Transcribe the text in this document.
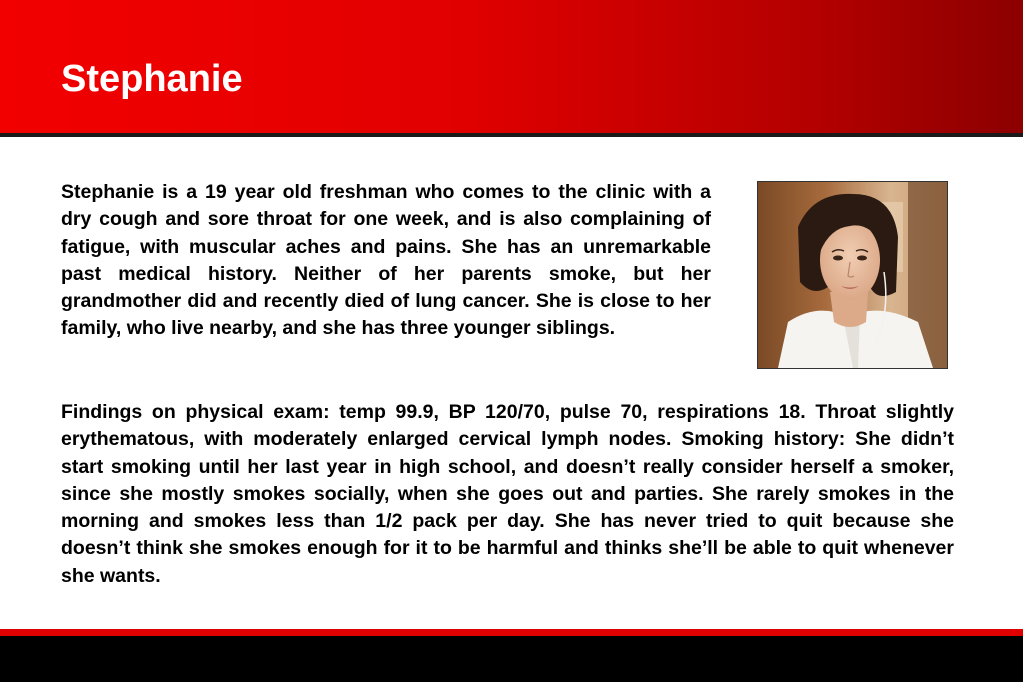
Stephanie

Stephanie is a 19 year old freshman who comes to the clinic with a dry cough and sore throat for one week, and is also complaining of fatigue, with muscular aches and pains. She has an unremarkable past medical history. Neither of her parents smoke, but her grandmother did and recently died of lung cancer. She is close to her family, who live nearby, and she has three younger siblings.

Findings on physical exam: temp 99.9, BP 120/70, pulse 70, respirations 18. Throat slightly erythematous, with moderately enlarged cervical lymph nodes. Smoking history: She didn’t start smoking until her last year in high school, and doesn’t really consider herself a smoker, since she mostly smokes socially, when she goes out and parties. She rarely smokes in the morning and smokes less than 1/2 pack per day. She has never tried to quit because she doesn’t think she smokes enough for it to be harmful and thinks she’ll be able to quit whenever she wants.
